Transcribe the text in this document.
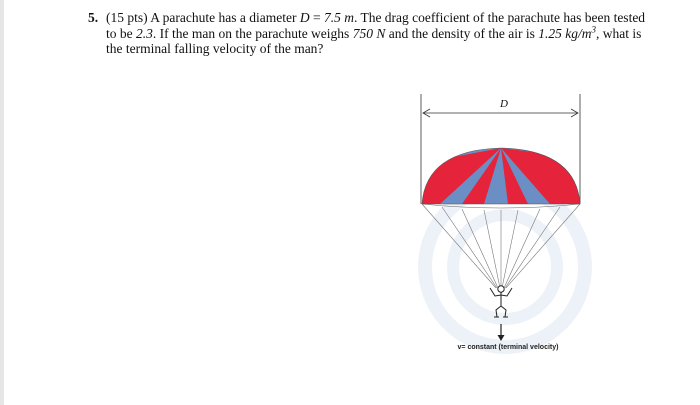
5. (15 pts) A parachute has a diameter D = 7.5 m. The drag coefficient of the parachute has been tested to be 2.3. If the man on the parachute weighs 750 N and the density of the air is 1.25 $kg/m^3$, what is the terminal falling velocity of the man?
D
v= constant (terminal velocity)
